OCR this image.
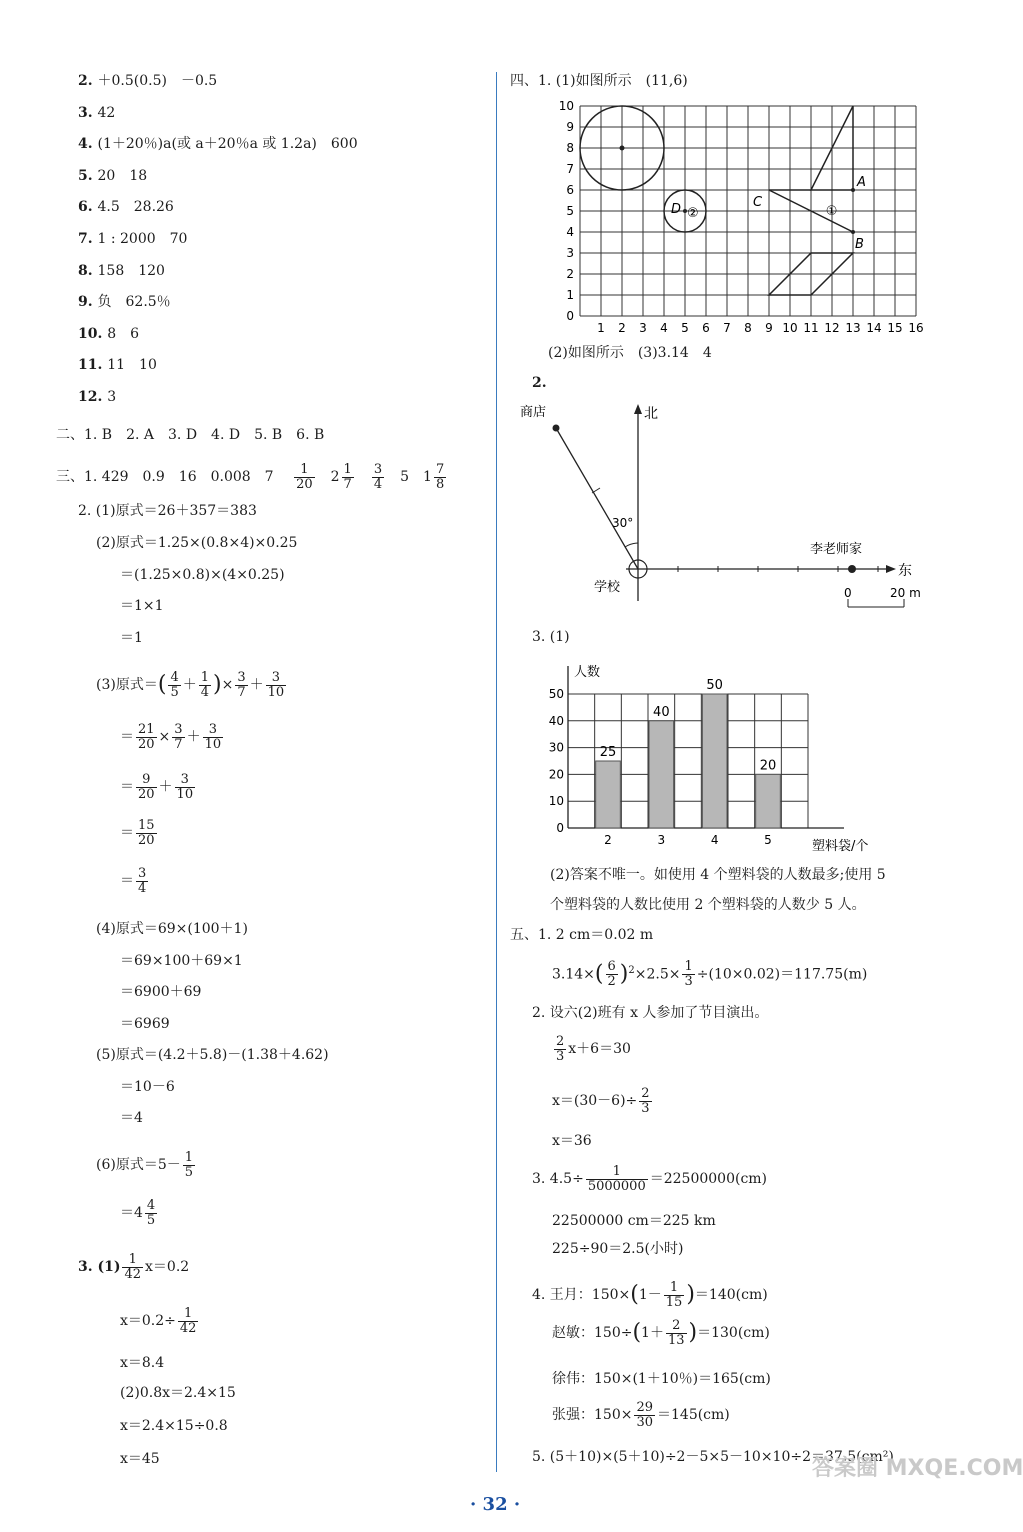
2. ＋0.5(0.5)　－0.5
3. 42
4. (1＋20％)a(或 a＋20％a 或 1.2a)　600
5. 20　18
6. 4.5　28.26
7. 1 : 2000　70
8. 158　120
9. 负　62.5％
10. 8　6
11. 11　10
12. 3
二、1. B　2. A　3. D　4. D　5. B　6. B
三、1. 429　0.9　16　0.008　7 　 $\frac{1}{20}$ 　$2 \frac{1}{7}$
　 $\frac{3}{4}$ 　5　$1 \frac{7}{8}$
2. (1)原式＝26＋357＝383
(2)原式＝1.25×(0.8×4)×0.25
＝(1.25×0.8)×(4×0.25)
＝1×1
＝1
(3)原式＝( $\frac{4}{5} + \frac{1}{4}$ )× $\frac{3}{7} + \frac{3}{10}$
＝ $\frac{21}{20} \times \frac{3}{7} + \frac{3}{10}$
＝ $\frac{9}{20} + \frac{3}{10}$
＝ $\frac{15}{20}$
＝ $\frac{3}{4}$
(4)原式＝69×(100＋1)
＝69×100＋69×1
＝6900＋69
＝6969
(5)原式＝(4.2＋5.8)－(1.38＋4.62)
＝10－6
＝4
(6)原式$=5- \frac{1}{5}$
$=4 \frac{4}{5}$
3. $(1) \frac{1}{42} x=0.2$
$x=0.2\div \frac{1}{42}$
x＝8.4
(2)0.8x＝2.4×15
x＝2.4×15÷0.8
x＝45
四、1. (1)如图所示　(11,6)
1 2 3 4 5 6 7 8 9 10 11 12 13 14 15 16
0
1
2
3
4
5
6
7
8
9
10
D ②
A
B
C
①
(2)如图所示　(3)3.14　4
2.
北
东
学校
商店
30°
李老师家
0	20 m
3. (1)
0
10
20
30
40
50
人数
塑料袋/个
25
2
40
3
50
4
20
5
(2)答案不唯一。如使用 4 个塑料袋的人数最多;使用 5
个塑料袋的人数比使用 2 个塑料袋的人数少 5 人。
五、1. 2 cm＝0.02 m
$3.14\times( \frac{6}{2} )^2\times 2.5\times \frac{1}{3} \div(10\times 0.02)=117.75(m)$
2. 设六(2)班有 x 人参加了节目演出。
$\frac{2}{3} x+6=30$
$x=(30-6)\div \frac{2}{3}$
x＝36
3. $4.5\div \frac{1}{5000000} =22500000(cm)$
22500000 cm＝225 km
225÷90＝2.5(小时)
4. 王月：$150\times(1- \frac{1}{15} )=140(cm)$
赵敏：$150\div(1+ \frac{2}{13} )=130(cm)$
徐伟：150×(1＋10％)＝165(cm)
张强：$150\times \frac{29}{30} =145(cm)$
5. (5＋10)×(5＋10)÷2－5×5－10×10÷2＝37.5(cm²)
答案圈 MXQE.COM
· 32 ·
